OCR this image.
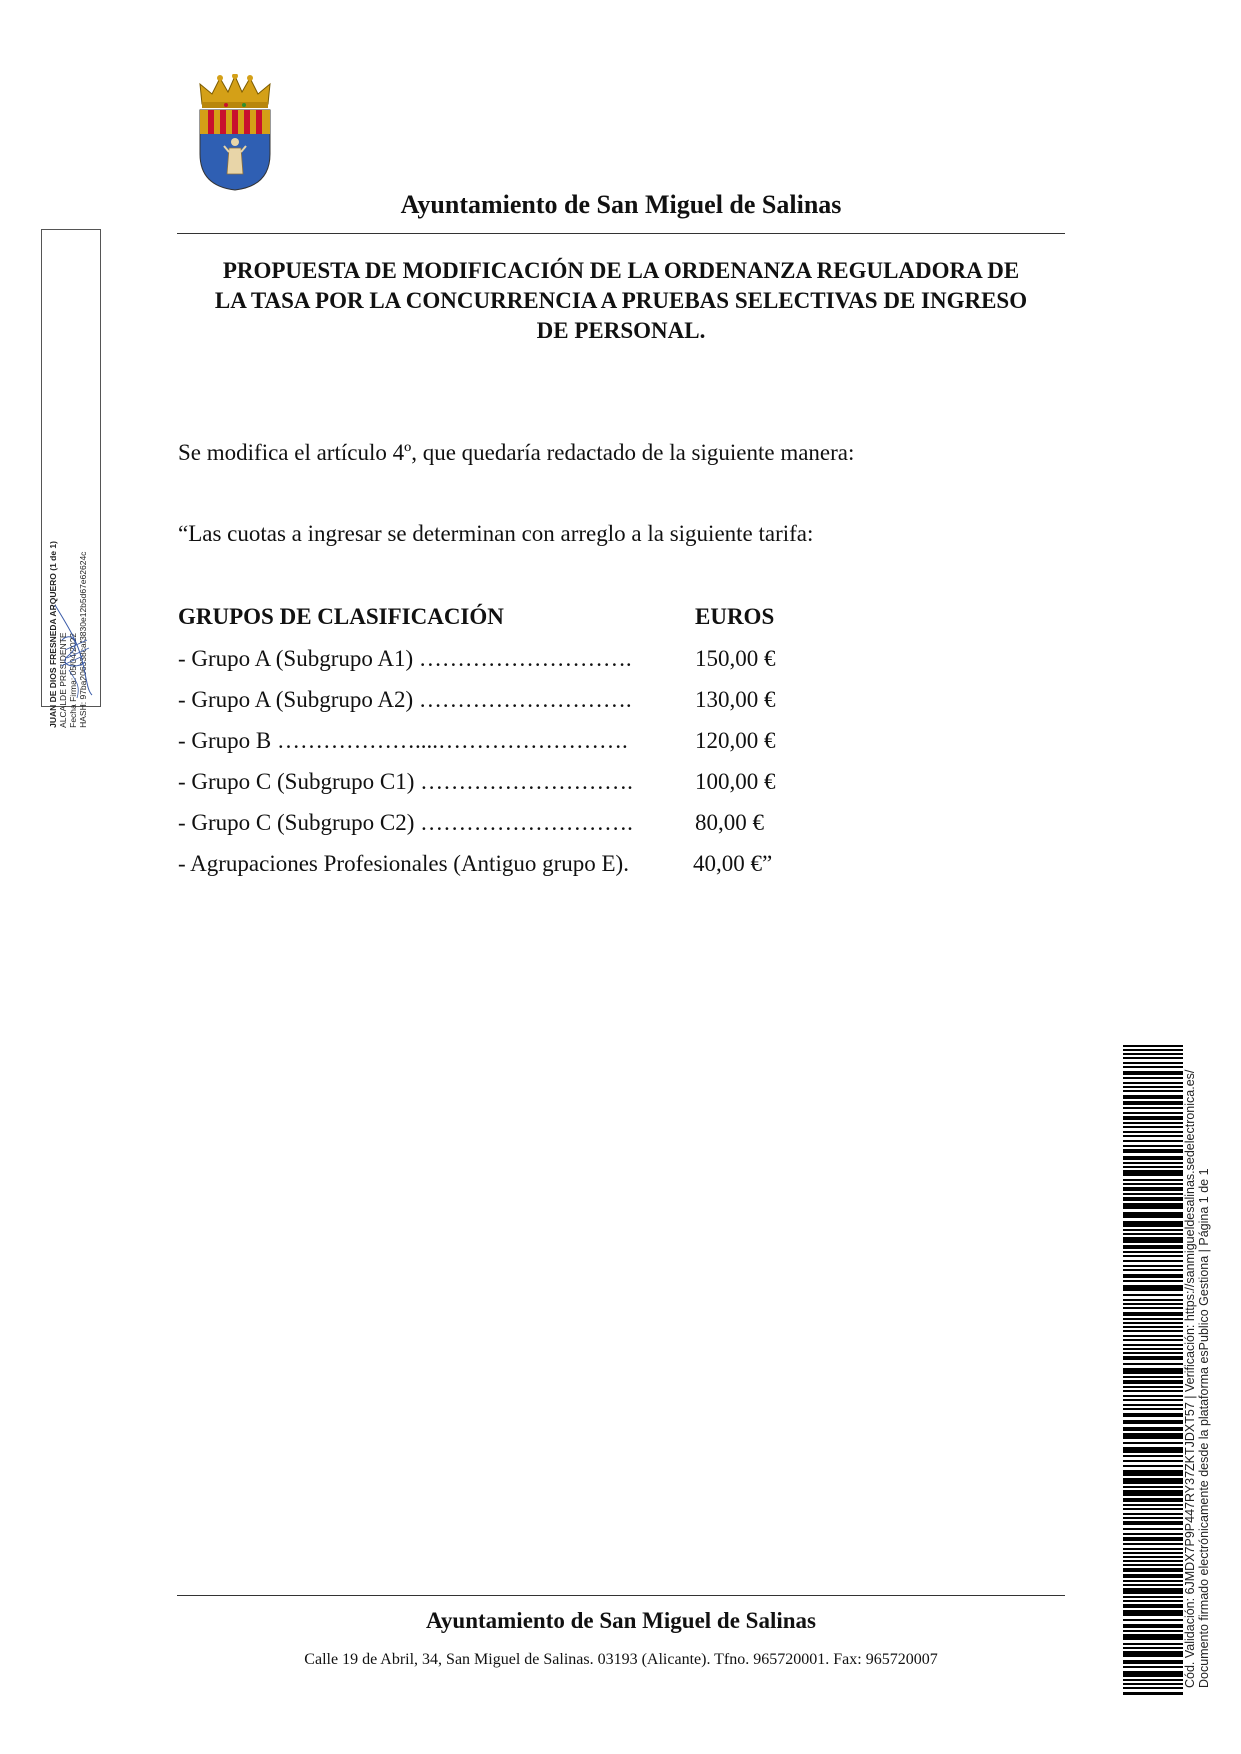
Ayuntamiento de San Miguel de Salinas
PROPUESTA DE MODIFICACIÓN DE LA ORDENANZA REGULADORA DE
LA TASA POR LA CONCURRENCIA A PRUEBAS SELECTIVAS DE INGRESO
DE PERSONAL.
Se modifica el artículo 4º, que quedaría redactado de la siguiente manera:
“Las cuotas a ingresar se determinan con arreglo a la siguiente tarifa:
GRUPOS DE CLASIFICACIÓN	EUROS
- Grupo A (Subgrupo A1) ……………………….	150,00 €
- Grupo A (Subgrupo A2) ……………………….	130,00 €
- Grupo B ………………....…………………….	120,00 €
- Grupo C (Subgrupo C1) ……………………….	100,00 €
- Grupo C (Subgrupo C2) ……………………….	80,00 €
- Agrupaciones Profesionales (Antiguo grupo E).	40,00 €”
JUAN DE DIOS FRESNEDA ARQUERO (1 de 1) ALCALDE PRESIDENTE Fecha Firma: 05/04/2022 HASH: 97ba206338caf3830e12b5d67e62624c
Cód. Validación: 6JMDX7P9P447RY37ZKTJDXT57 | Verificación: https://sanmigueldesalinas.sedelectronica.es/ Documento firmado electrónicamente desde la plataforma esPublico Gestiona | Página 1 de 1
Ayuntamiento de San Miguel de Salinas
Calle 19 de Abril, 34, San Miguel de Salinas. 03193 (Alicante). Tfno. 965720001. Fax: 965720007
